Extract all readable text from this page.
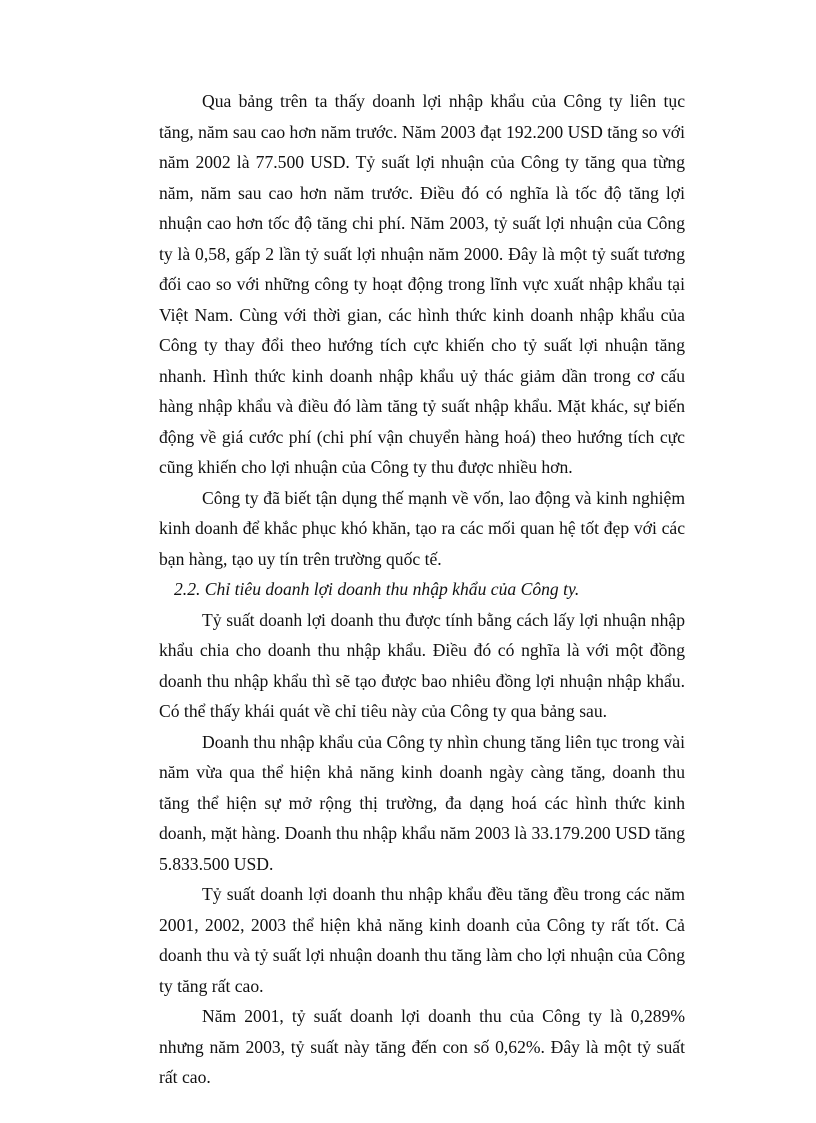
Qua bảng trên ta thấy doanh lợi nhập khẩu của Công ty liên tục tăng, năm sau cao hơn năm trước. Năm 2003 đạt 192.200 USD tăng so với năm 2002 là 77.500 USD. Tỷ suất lợi nhuận của Công ty tăng qua từng năm, năm sau cao hơn năm trước. Điều đó có nghĩa là tốc độ tăng lợi nhuận cao hơn tốc độ tăng chi phí. Năm 2003, tỷ suất lợi nhuận của Công ty là 0,58, gấp 2 lần tỷ suất lợi nhuận năm 2000. Đây là một tỷ suất tương đối cao so với những công ty hoạt động trong lĩnh vực xuất nhập khẩu tại Việt Nam. Cùng với thời gian, các hình thức kinh doanh nhập khẩu của Công ty thay đổi theo hướng tích cực khiến cho tỷ suất lợi nhuận tăng nhanh. Hình thức kinh doanh nhập khẩu uỷ thác giảm dần trong cơ cấu hàng nhập khẩu và điều đó làm tăng tỷ suất nhập khẩu. Mặt khác, sự biến động về giá cước phí (chi phí vận chuyển hàng hoá) theo hướng tích cực cũng khiến cho lợi nhuận của Công ty thu được nhiều hơn.

Công ty đã biết tận dụng thế mạnh về vốn, lao động và kinh nghiệm kinh doanh để khắc phục khó khăn, tạo ra các mối quan hệ tốt đẹp với các bạn hàng, tạo uy tín trên trường quốc tế.

2.2. Chỉ tiêu doanh lợi doanh thu nhập khẩu của Công ty.

Tỷ suất doanh lợi doanh thu được tính bằng cách lấy lợi nhuận nhập khẩu chia cho doanh thu nhập khẩu. Điều đó có nghĩa là với một đồng doanh thu nhập khẩu thì sẽ tạo được bao nhiêu đồng lợi nhuận nhập khẩu. Có thể thấy khái quát về chỉ tiêu này của Công ty qua bảng sau.

Doanh thu nhập khẩu của Công ty nhìn chung tăng liên tục trong vài năm vừa qua thể hiện khả năng kinh doanh ngày càng tăng, doanh thu tăng thể hiện sự mở rộng thị trường, đa dạng hoá các hình thức kinh doanh, mặt hàng. Doanh thu nhập khẩu năm 2003 là 33.179.200 USD tăng 5.833.500 USD.

Tỷ suất doanh lợi doanh thu nhập khẩu đều tăng đều trong các năm 2001, 2002, 2003 thể hiện khả năng kinh doanh của Công ty rất tốt. Cả doanh thu và tỷ suất lợi nhuận doanh thu tăng làm cho lợi nhuận của Công ty tăng rất cao.

Năm 2001, tỷ suất doanh lợi doanh thu của Công ty là 0,289% nhưng năm 2003, tỷ suất này tăng đến con số 0,62%. Đây là một tỷ suất rất cao.
